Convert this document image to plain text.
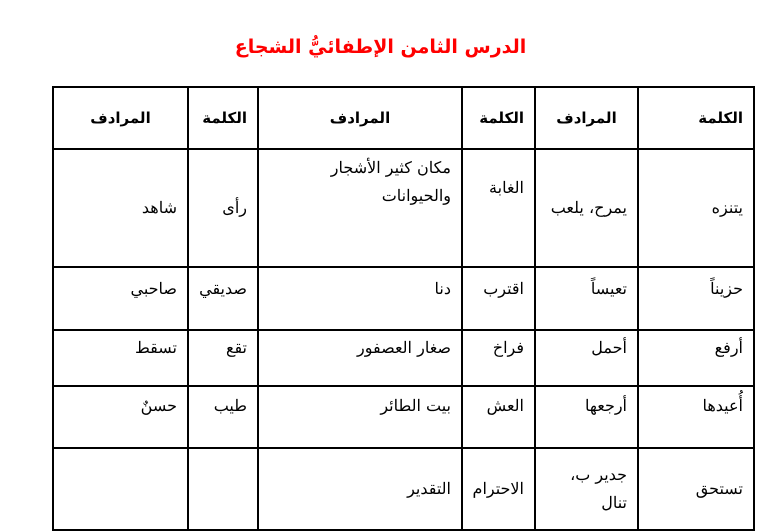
الدرس الثامن الإطفائيُّ الشجاع
الكلمة	المرادف	الكلمة	المرادف	الكلمة	المرادف
يتنزه	يمرح، يلعب	الغابة	مكان كثير الأشجار والحيوانات	رأى	شاهد
حزيناً	تعيساً	اقترب	دنا	صديقي	صاحبي
أرفع	أحمل	فراخ	صغار العصفور	تقع	تسقط
أُعيدها	أرجعها	العش	بيت الطائر	طيب	حسنٌ
تستحق	جدير ب، تنال	الاحترام	التقدير		
